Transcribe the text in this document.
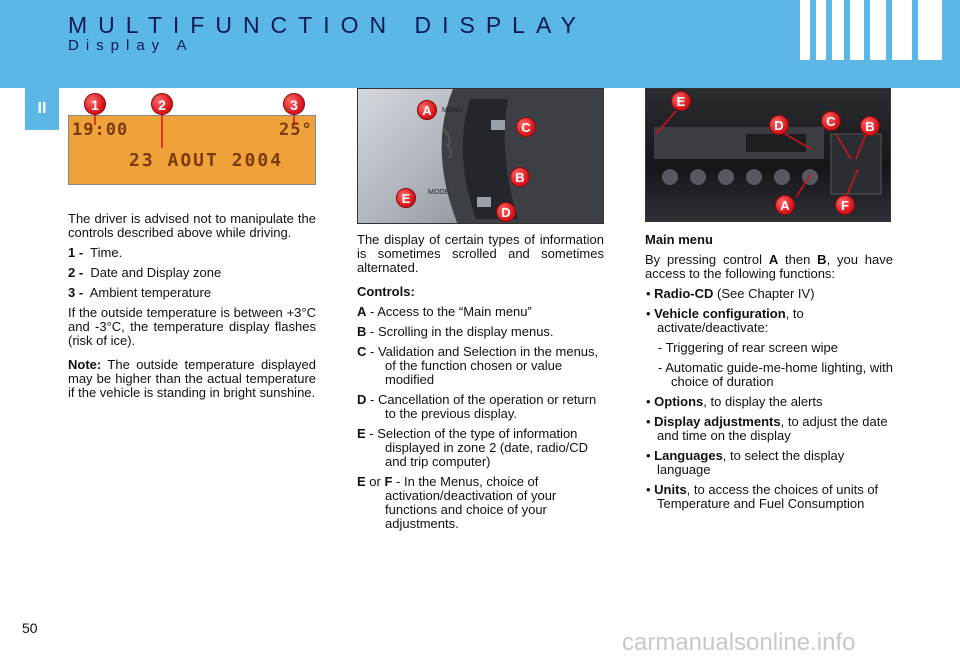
MULTIFUNCTION DISPLAY
Display A
II
19:00	25°
23 AOUT 2004
1	2	3	MENU
MODE
A
C
B
E
D
E
D	C	B
A	F

The driver is advised not to manipulate the controls described above while driving.

1 - Time.

2 - Date and Display zone

3 - Ambient temperature

If the outside temperature is between +3°C and -3°C, the temperature display flashes (risk of ice).

Note: The outside temperature displayed may be higher than the actual temperature if the vehicle is standing in bright sunshine.

The display of certain types of information is sometimes scrolled and sometimes alternated.

Controls:

A - Access to the “Main menu”

B - Scrolling in the display menus.

C - Validation and Selection in the menus, of the function chosen or value modified

D - Cancellation of the operation or return to the previous display.

E - Selection of the type of information displayed in zone 2 (date, radio/CD and trip computer)

E or F - In the Menus, choice of activation/deactivation of your functions and choice of your adjustments.

Main menu

By pressing control A then B, you have access to the following functions:

• Radio-CD (See Chapter IV)

• Vehicle configuration, to activate/deactivate:

- Triggering of rear screen wipe

- Automatic guide-me-home lighting, with choice of duration

• Options, to display the alerts

• Display adjustments, to adjust the date and time on the display

• Languages, to select the display language

• Units, to access the choices of units of Temperature and Fuel Consumption

50
carmanualsonline.info
